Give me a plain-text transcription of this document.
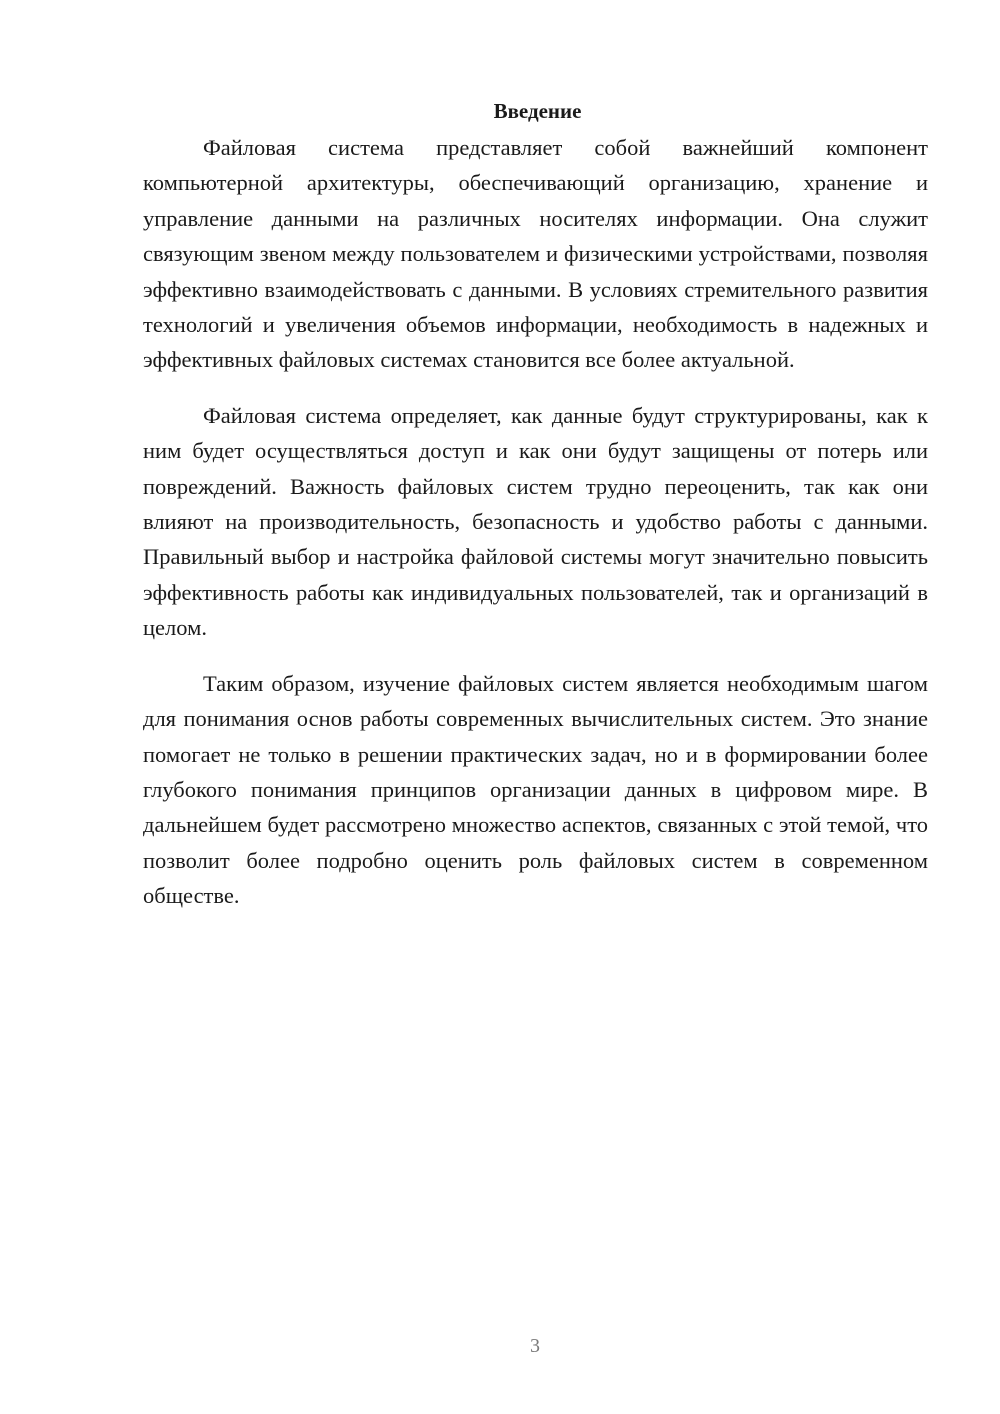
Введение

Файловая система представляет собой важнейший компонент компьютерной архитектуры, обеспечивающий организацию, хранение и управление данными на различных носителях информации. Она служит связующим звеном между пользователем и физическими устройствами, позволяя эффективно взаимодействовать с данными. В условиях стремительного развития технологий и увеличения объемов информации, необходимость в надежных и эффективных файловых системах становится все более актуальной.

Файловая система определяет, как данные будут структурированы, как к ним будет осуществляться доступ и как они будут защищены от потерь или повреждений. Важность файловых систем трудно переоценить, так как они влияют на производительность, безопасность и удобство работы с данными. Правильный выбор и настройка файловой системы могут значительно повысить эффективность работы как индивидуальных пользователей, так и организаций в целом.

Таким образом, изучение файловых систем является необходимым шагом для понимания основ работы современных вычислительных систем. Это знание помогает не только в решении практических задач, но и в формировании более глубокого понимания принципов организации данных в цифровом мире. В дальнейшем будет рассмотрено множество аспектов, связанных с этой темой, что позволит более подробно оценить роль файловых систем в современном обществе.

3
